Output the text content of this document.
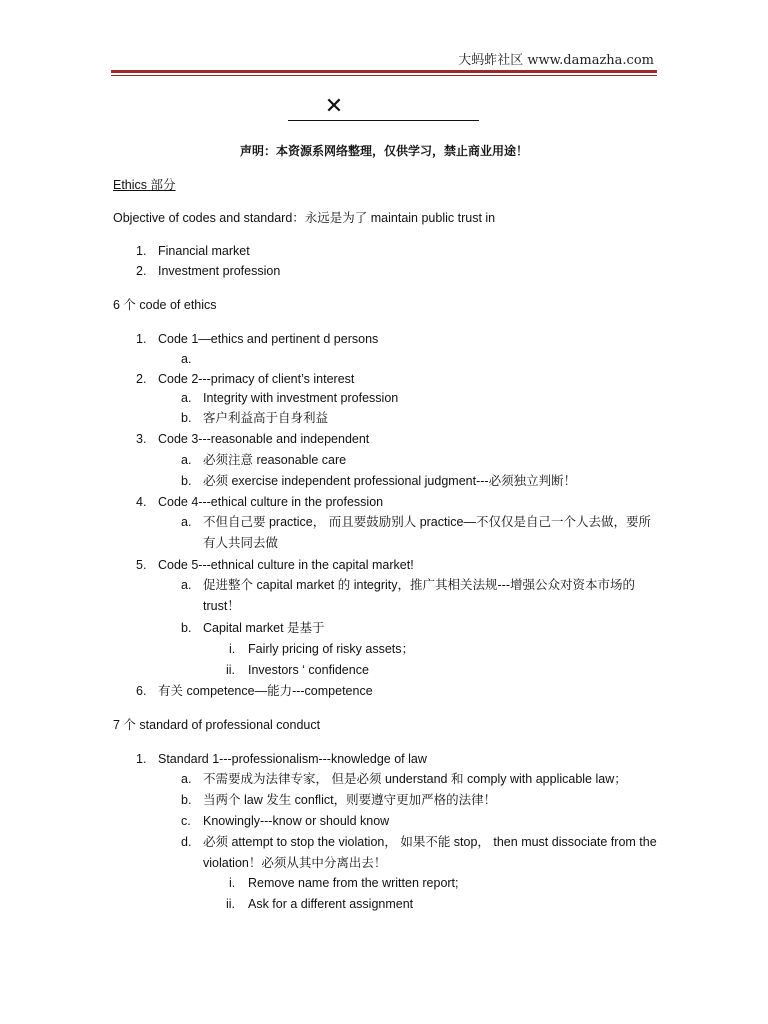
大蚂蚱社区 www.damazha.com
✕
声明：本资源系网络整理，仅供学习，禁止商业用途！
Ethics 部分
Objective of codes and standard：永远是为了 maintain public trust in
1. Financial market
2. Investment profession
6 个 code of ethics
1. Code 1—ethics and pertinent d persons
a.
2. Code 2---primacy of client’s interest
a. Integrity with investment profession
b. 客户利益高于自身利益
3. Code 3---reasonable and independent
a. 必须注意 reasonable care
b. 必须 exercise independent professional judgment---必须独立判断！
4. Code 4---ethical culture in the profession
a. 不但自己要 practice， 而且要鼓励别人 practice—不仅仅是自己一个人去做，要所有人共同去做
5. Code 5---ethnical culture in the capital market!
a. 促进整个 capital market 的 integrity，推广其相关法规---增强公众对资本市场的 trust！
b. Capital market 是基于
i. Fairly pricing of risky assets；
ii. Investors ‘ confidence
6. 有关 competence—能力---competence
7 个 standard of professional conduct
1. Standard 1---professionalism---knowledge of law
a. 不需要成为法律专家， 但是必须 understand 和 comply with applicable law；
b. 当两个 law 发生 conflict，则要遵守更加严格的法律！
c. Knowingly---know or should know
d. 必须 attempt to stop the violation， 如果不能 stop， then must dissociate from the violation！必须从其中分离出去！
i. Remove name from the written report;
ii. Ask for a different assignment
